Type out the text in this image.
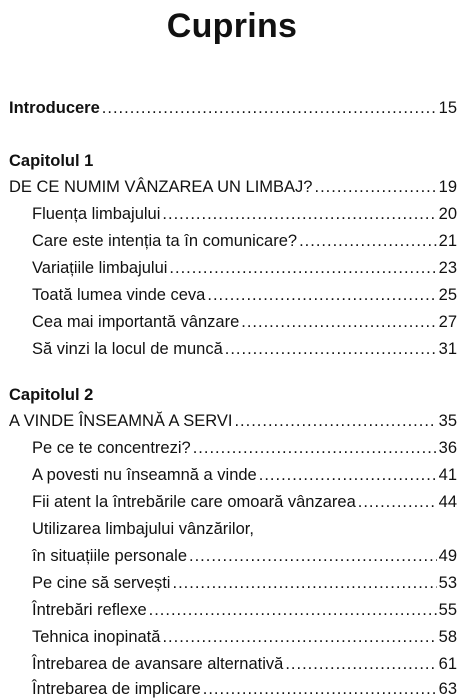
Cuprins
Introducere .....	15
Capitolul 1
DE CE NUMIM VÂNZAREA UN LIMBAJ? .....	19
Fluența limbajului .....	20
Care este intenția ta în comunicare? .....	21
Variațiile limbajului .....	23
Toată lumea vinde ceva .....	25
Cea mai importantă vânzare .....	27
Să vinzi la locul de muncă .....	31
Capitolul 2
A VINDE ÎNSEAMNĂ A SERVI .....	35
Pe ce te concentrezi? .....	36
A povesti nu înseamnă a vinde .....	41
Fii atent la întrebările care omoară vânzarea .....	44
Utilizarea limbajului vânzărilor,
în situațiile personale .....	49
Pe cine să servești .....	53
Întrebări reflexe .....	55
Tehnica inopinată .....	58
Întrebarea de avansare alternativă .....	61
Întrebarea de implicare .....	63
